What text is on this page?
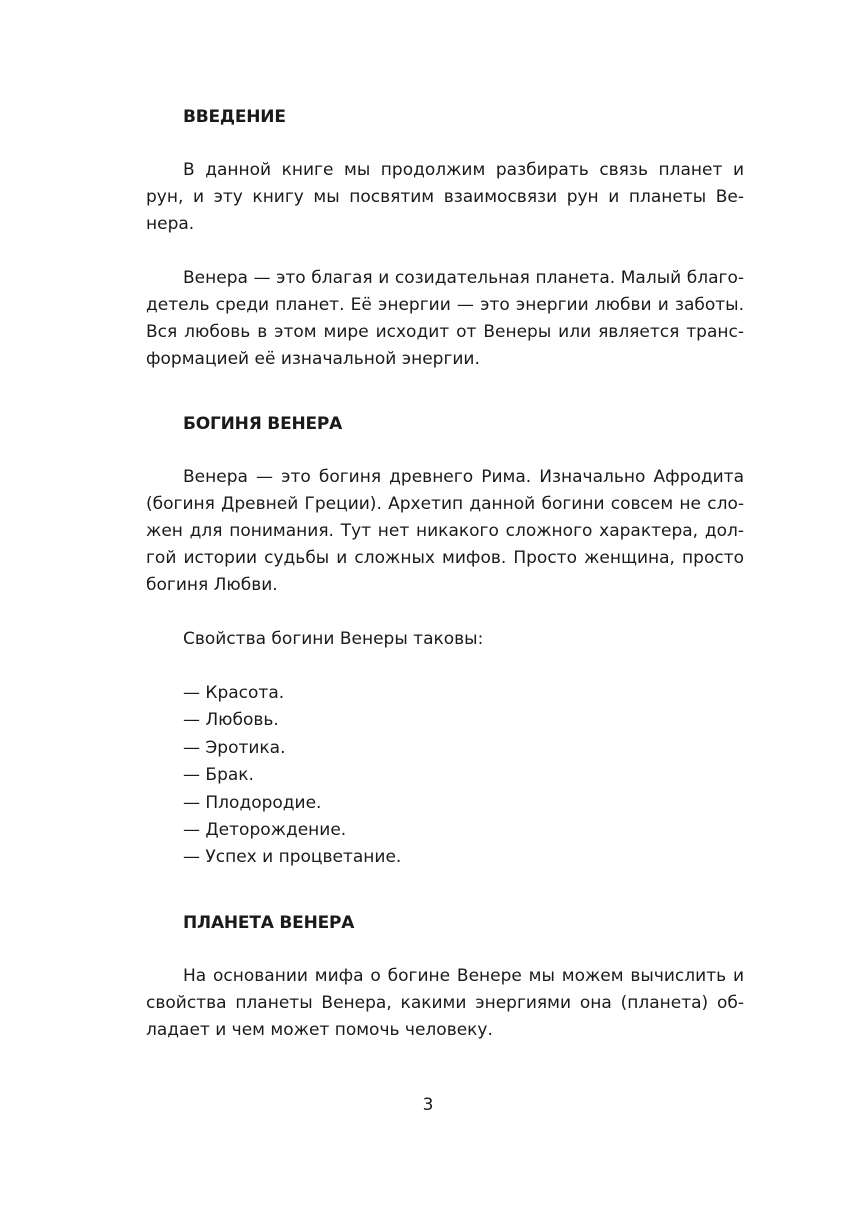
ВВЕДЕНИЕ

В данной книге мы продолжим разбирать связь планет и рун, и эту книгу мы посвятим взаимосвязи рун и планеты Венера.

Венера — это благая и созидательная планета. Малый благодетель среди планет. Её энергии — это энергии любви и заботы. Вся любовь в этом мире исходит от Венеры или является трансформацией её изначальной энергии.

БОГИНЯ ВЕНЕРА

Венера — это богиня древнего Рима. Изначально Афродита (богиня Древней Греции). Архетип данной богини совсем не сложен для понимания. Тут нет никакого сложного характера, долгой истории судьбы и сложных мифов. Просто женщина, просто богиня Любви.

Свойства богини Венеры таковы:

— Красота.
— Любовь.
— Эротика.
— Брак.
— Плодородие.
— Деторождение.
— Успех и процветание.
ПЛАНЕТА ВЕНЕРА

На основании мифа о богине Венере мы можем вычислить и свойства планеты Венера, какими энергиями она (планета) обладает и чем может помочь человеку.

3
